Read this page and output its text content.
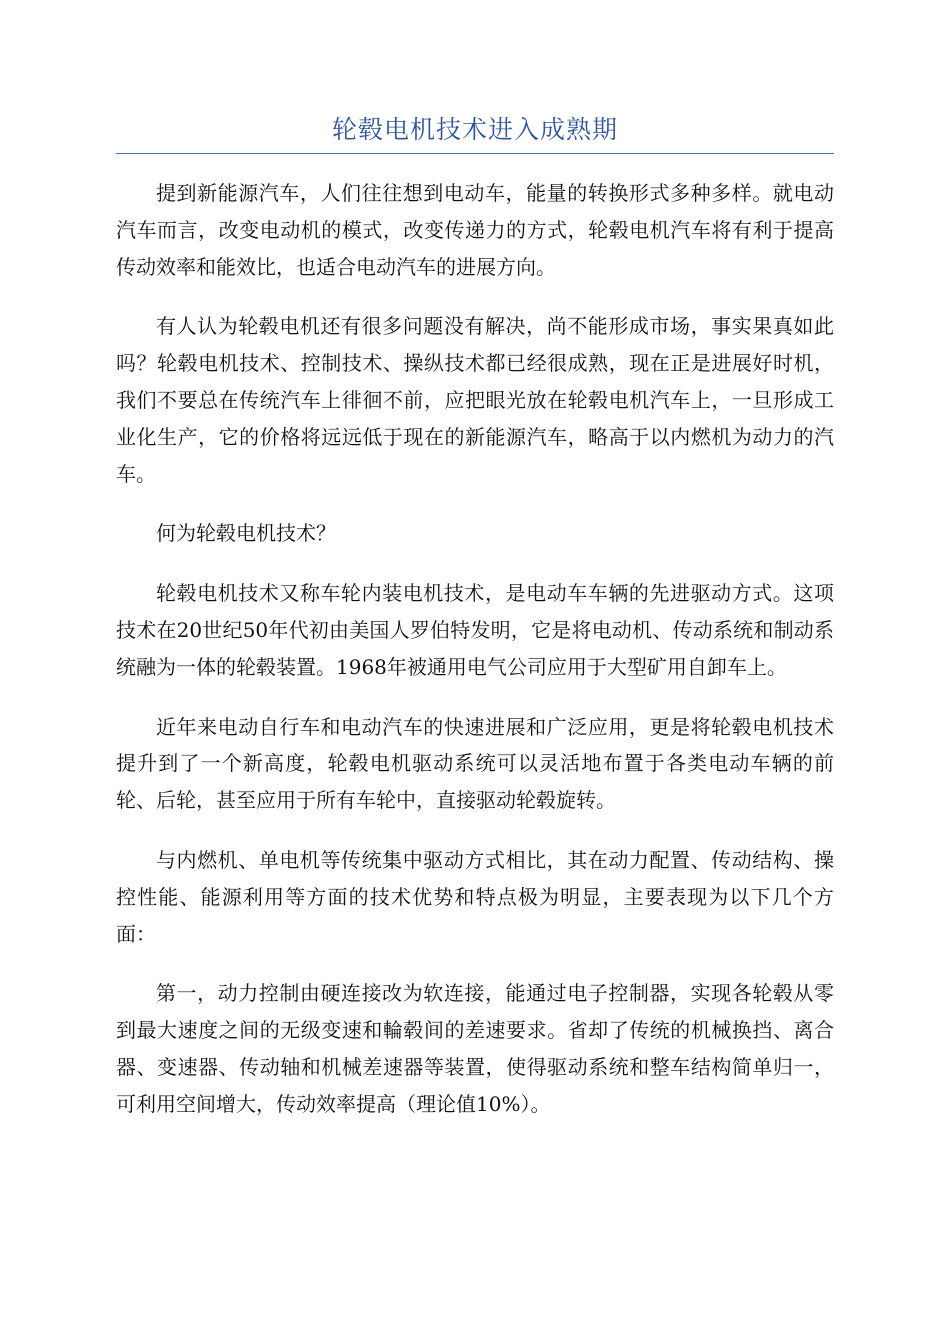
轮毂电机技术进入成熟期

提到新能源汽车，人们往往想到电动车，能量的转换形式多种多样。就电动汽车而言，改变电动机的模式，改变传递力的方式，轮毂电机汽车将有利于提高传动效率和能效比，也适合电动汽车的进展方向。

有人认为轮毂电机还有很多问题没有解决，尚不能形成市场，事实果真如此吗？轮毂电机技术、控制技术、操纵技术都已经很成熟，现在正是进展好时机，我们不要总在传统汽车上徘徊不前，应把眼光放在轮毂电机汽车上，一旦形成工业化生产，它的价格将远远低于现在的新能源汽车，略高于以内燃机为动力的汽车。

何为轮毂电机技术？

轮毂电机技术又称车轮内装电机技术，是电动车车辆的先进驱动方式。这项技术在20世纪50年代初由美国人罗伯特发明，它是将电动机、传动系统和制动系统融为一体的轮毂装置。1968年被通用电气公司应用于大型矿用自卸车上。

近年来电动自行车和电动汽车的快速进展和广泛应用，更是将轮毂电机技术提升到了一个新高度，轮毂电机驱动系统可以灵活地布置于各类电动车辆的前轮、后轮，甚至应用于所有车轮中，直接驱动轮毂旋转。

与内燃机、单电机等传统集中驱动方式相比，其在动力配置、传动结构、操控性能、能源利用等方面的技术优势和特点极为明显，主要表现为以下几个方面：

第一，动力控制由硬连接改为软连接，能通过电子控制器，实现各轮毂从零到最大速度之间的无级变速和輪毂间的差速要求。省却了传统的机械换挡、离合器、变速器、传动轴和机械差速器等装置，使得驱动系统和整车结构简单归一，可利用空间增大，传动效率提高（理论值10%）。
